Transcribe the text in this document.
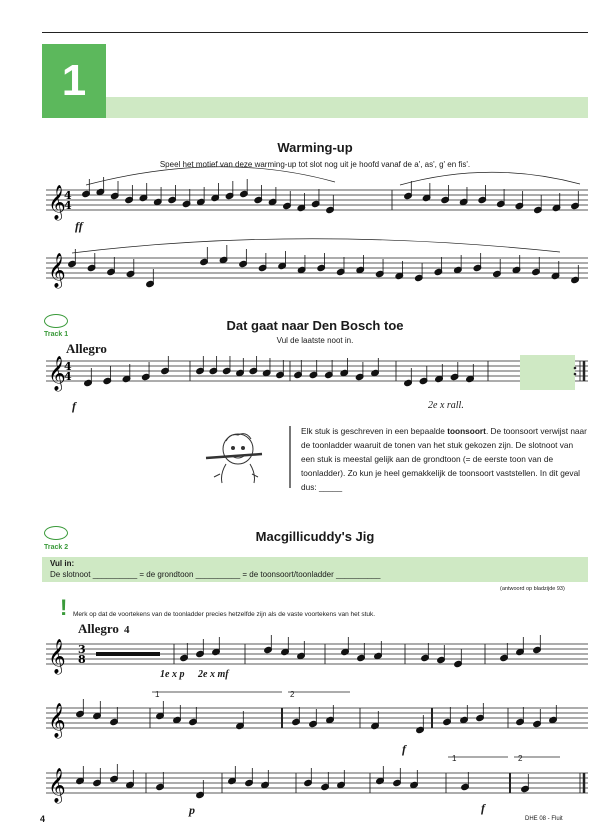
1
Warming-up
Speel het motief van deze warming-up tot slot nog uit je hoofd vanaf de a', as', g' en fis'.
ff
Track 1
Dat gaat naar Den Bosch toe
Vul de laatste noot in.
Allegro
f	2e x rall.
Elk stuk is geschreven in een bepaalde toonsoort. De toonsoort verwijst naar de toonladder waaruit de tonen van het stuk gekozen zijn. De slotnoot van een stuk is meestal gelijk aan de grondtoon (= de eerste toon van de toonladder). Zo kun je heel gemakkelijk de toonsoort vaststellen. In dit geval dus: _____
Track 2
Macgillicuddy's Jig
Vul in:
De slotnoot __________ = de grondtoon __________ = de toonsoort/toonladder __________
(antwoord op bladzijde 93)
! Merk op dat de voortekens van de toonladder precies hetzelfde zijn als de vaste voortekens van het stuk.
Allegro 4
1e x p 2e x mf
f
p	f
1	2
1	2
4	DHE 08 - Fluit
𝄞
4
4
𝄞
𝄞
4
4
𝄞 3
8
𝄞
𝄞
